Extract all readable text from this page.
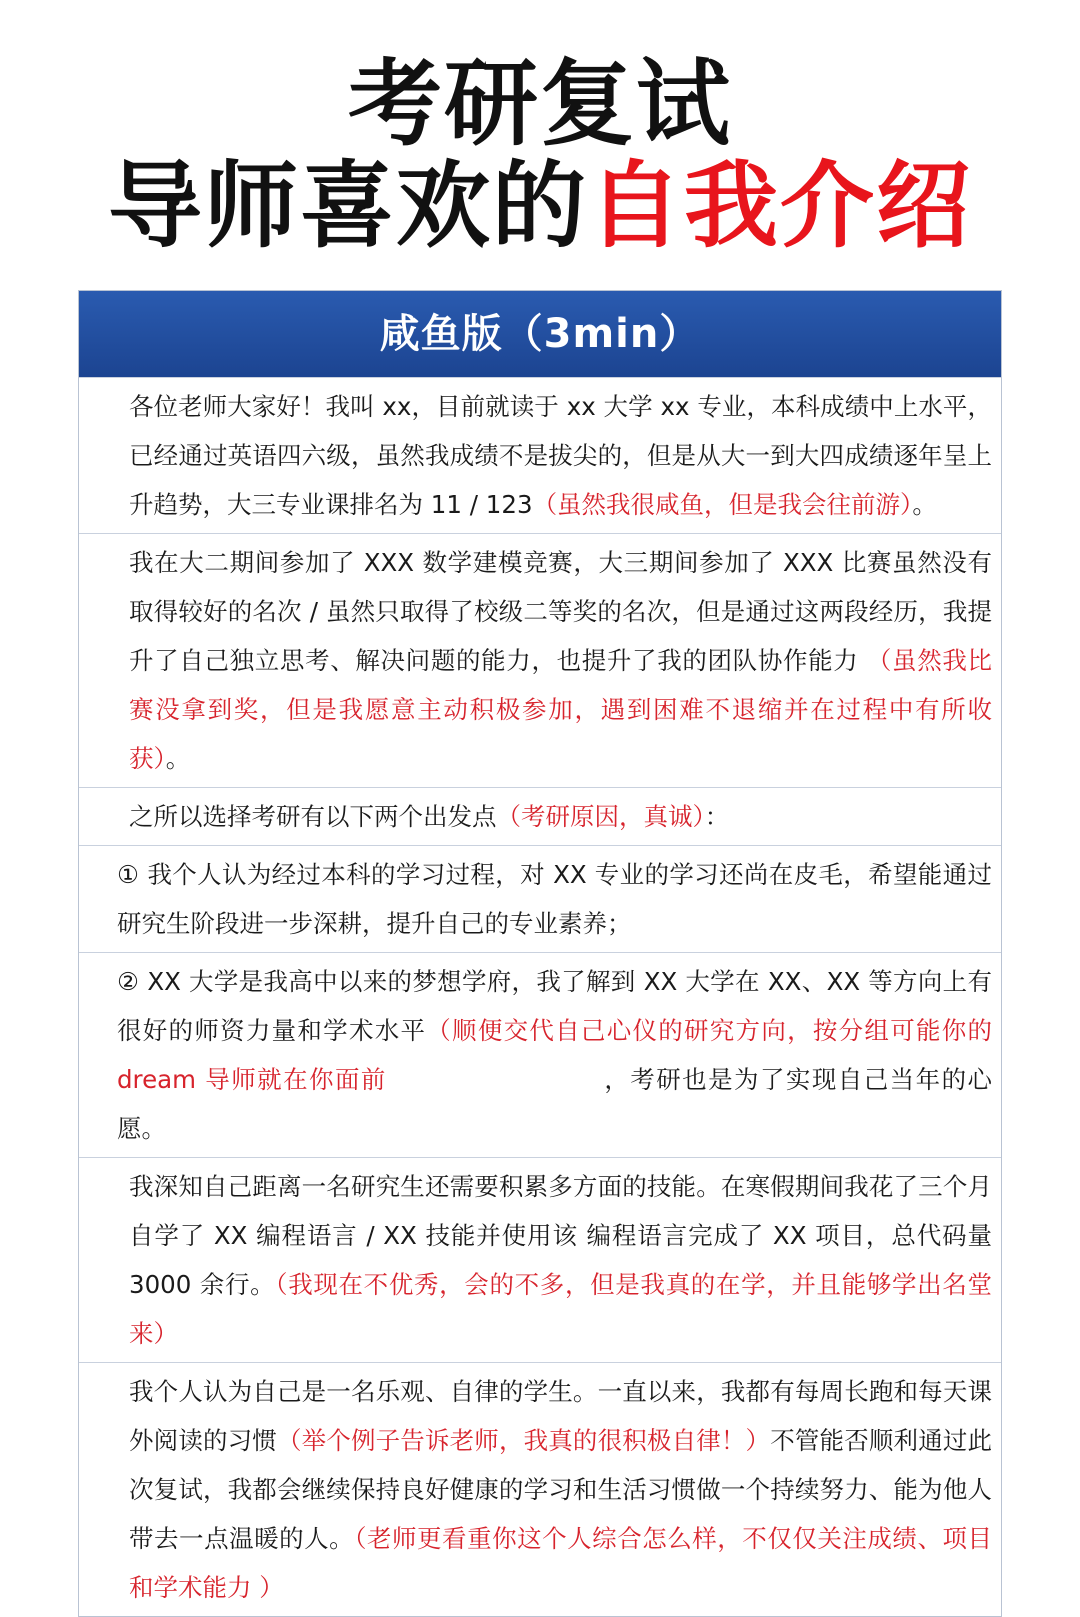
考研复试
导师喜欢的自我介绍
咸鱼版（3min）
各位老师大家好！我叫 xx，目前就读于 xx 大学 xx 专业，本科成绩中上水平，已经通过英语四六级，虽然我成绩不是拔尖的，但是从大一到大四成绩逐年呈上升趋势，大三专业课排名为 11 / 123（虽然我很咸鱼，但是我会往前游）。
我在大二期间参加了 XXX 数学建模竞赛，大三期间参加了 XXX 比赛虽然没有取得较好的名次 / 虽然只取得了校级二等奖的名次，但是通过这两段经历，我提升了自己独立思考、解决问题的能力，也提升了我的团队协作能力 （虽然我比赛没拿到奖，但是我愿意主动积极参加，遇到困难不退缩并在过程中有所收获）。
之所以选择考研有以下两个出发点（考研原因，真诚）：
① 我个人认为经过本科的学习过程，对 XX 专业的学习还尚在皮毛，希望能通过研究生阶段进一步深耕，提升自己的专业素养；
② XX 大学是我高中以来的梦想学府，我了解到 XX 大学在 XX、XX 等方向上有很好的师资力量和学术水平（顺便交代自己心仪的研究方向，按分组可能你的 dream 导师就在你面前	，考研也是为了实现自己当年的心愿。
我深知自己距离一名研究生还需要积累多方面的技能。在寒假期间我花了三个月自学了 XX 编程语言 / XX 技能并使用该 编程语言完成了 XX 项目，总代码量 3000 余行。（我现在不优秀，会的不多，但是我真的在学，并且能够学出名堂来）
我个人认为自己是一名乐观、自律的学生。一直以来，我都有每周长跑和每天课外阅读的习惯（举个例子告诉老师，我真的很积极自律！）不管能否顺利通过此次复试，我都会继续保持良好健康的学习和生活习惯做一个持续努力、能为他人带去一点温暖的人。（老师更看重你这个人综合怎么样，不仅仅关注成绩、项目和学术能力 ）
